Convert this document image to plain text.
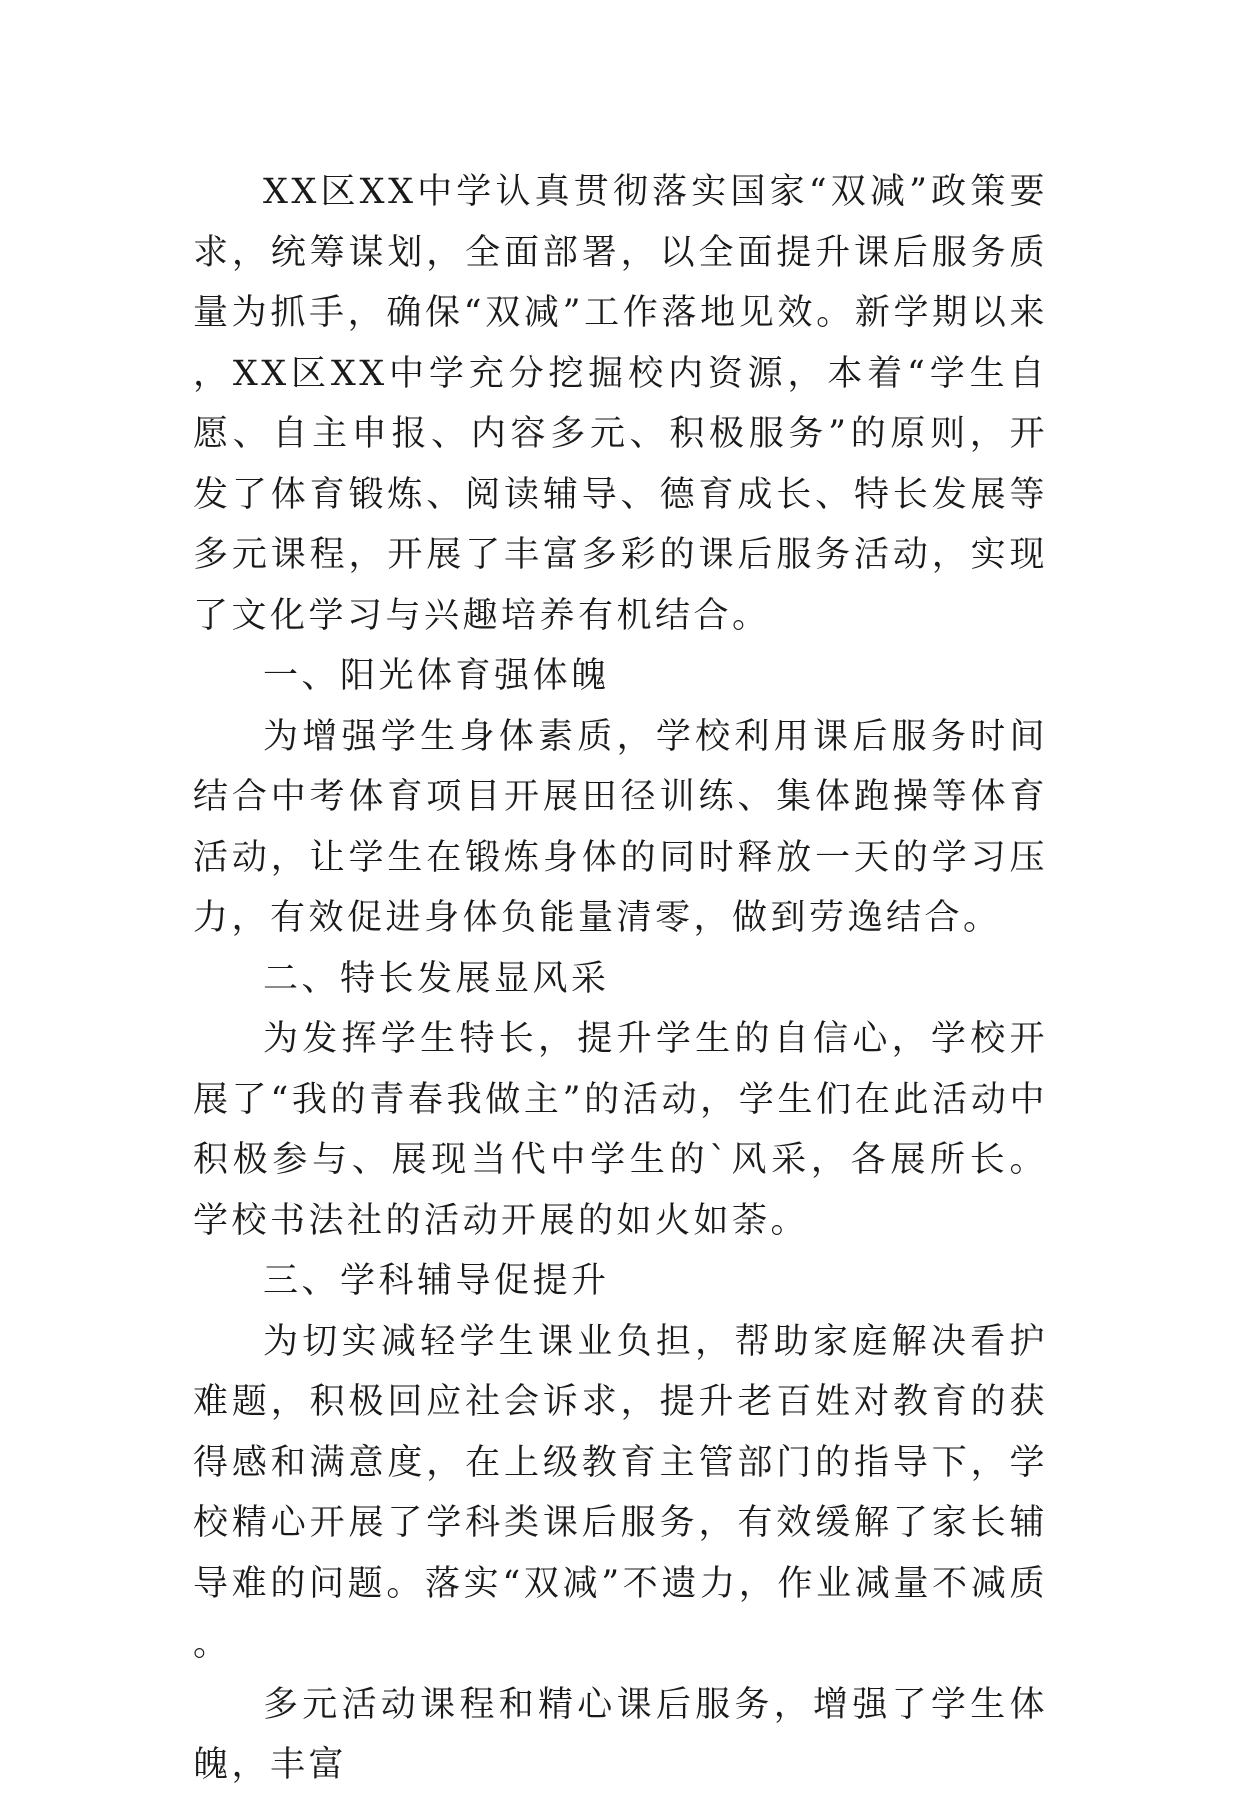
XX区XX中学认真贯彻落实国家“双减”政策要求，统筹谋划，全面部署，以全面提升课后服务质量为抓手，确保“双减”工作落地见效。新学期以来，XX区XX中学充分挖掘校内资源，本着“学生自愿、自主申报、内容多元、积极服务”的原则，开发了体育锻炼、阅读辅导、德育成长、特长发展等多元课程，开展了丰富多彩的课后服务活动，实现了文化学习与兴趣培养有机结合。

一、阳光体育强体魄

为增强学生身体素质，学校利用课后服务时间结合中考体育项目开展田径训练、集体跑操等体育活动，让学生在锻炼身体的同时释放一天的学习压力，有效促进身体负能量清零，做到劳逸结合。

二、特长发展显风采

为发挥学生特长，提升学生的自信心，学校开展了“我的青春我做主”的活动，学生们在此活动中积极参与、展现当代中学生的`风采，各展所长。学校书法社的活动开展的如火如荼。

三、学科辅导促提升

为切实减轻学生课业负担，帮助家庭解决看护难题，积极回应社会诉求，提升老百姓对教育的获得感和满意度，在上级教育主管部门的指导下，学校精心开展了学科类课后服务，有效缓解了家长辅导难的问题。落实“双减”不遗力，作业减量不减质。

多元活动课程和精心课后服务，增强了学生体魄，丰富
